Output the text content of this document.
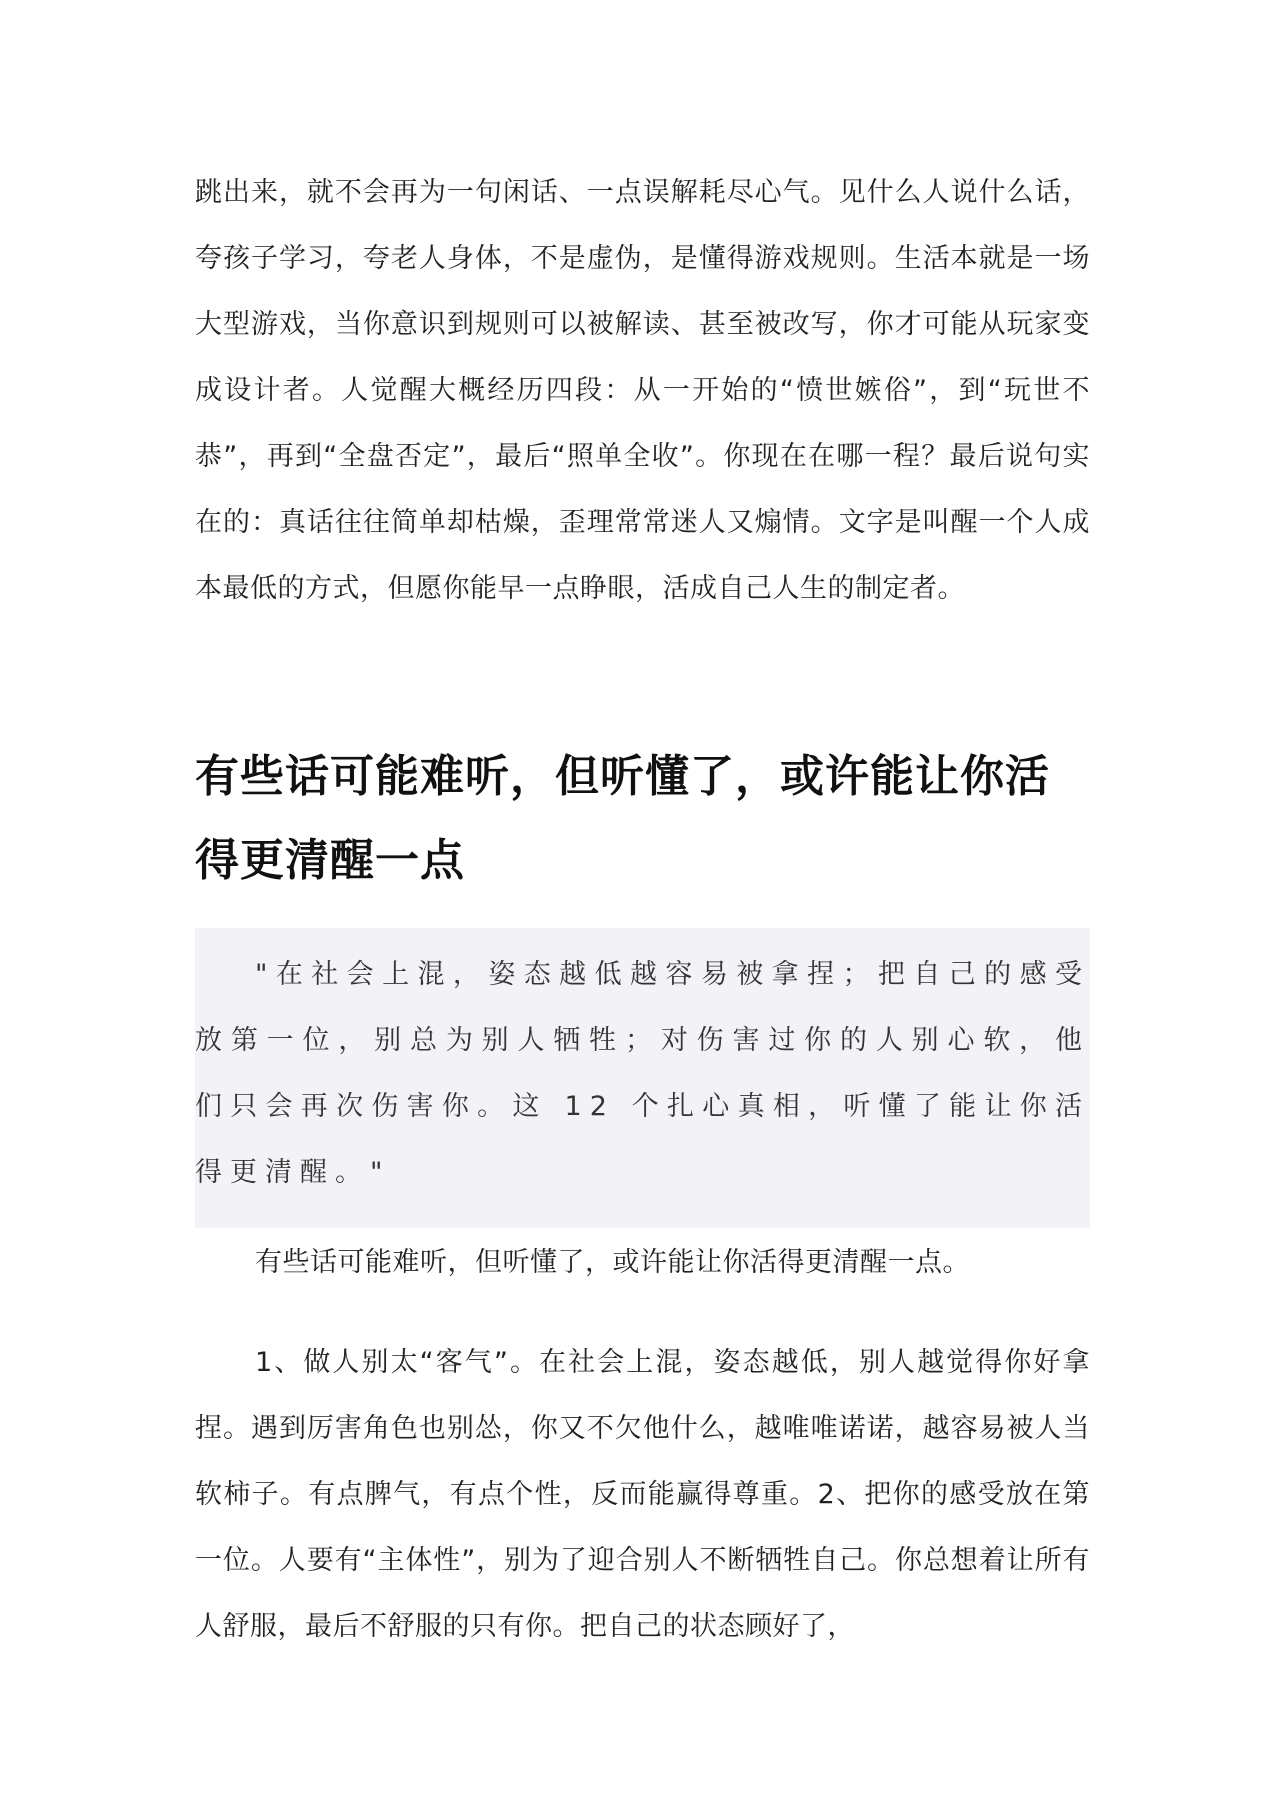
跳出来，就不会再为一句闲话、一点误解耗尽心气。见什么人说什么话，夸孩子学习，夸老人身体，不是虚伪，是懂得游戏规则。生活本就是一场大型游戏，当你意识到规则可以被解读、甚至被改写，你才可能从玩家变成设计者。人觉醒大概经历四段：从一开始的“愤世嫉俗”，到“玩世不恭”，再到“全盘否定”，最后“照单全收”。你现在在哪一程？最后说句实在的：真话往往简单却枯燥，歪理常常迷人又煽情。文字是叫醒一个人成本最低的方式，但愿你能早一点睁眼，活成自己人生的制定者。

有些话可能难听，但听懂了，或许能让你活得更清醒一点

"在社会上混，姿态越低越容易被拿捏；把自己的感受放第一位，别总为别人牺牲；对伤害过你的人别心软，他们只会再次伤害你。这 12 个扎心真相，听懂了能让你活得更清醒。"

有些话可能难听，但听懂了，或许能让你活得更清醒一点。

1、做人别太“客气”。在社会上混，姿态越低，别人越觉得你好拿捏。遇到厉害角色也别怂，你又不欠他什么，越唯唯诺诺，越容易被人当软柿子。有点脾气，有点个性，反而能赢得尊重。2、把你的感受放在第一位。人要有“主体性”，别为了迎合别人不断牺牲自己。你总想着让所有人舒服，最后不舒服的只有你。把自己的状态顾好了，
